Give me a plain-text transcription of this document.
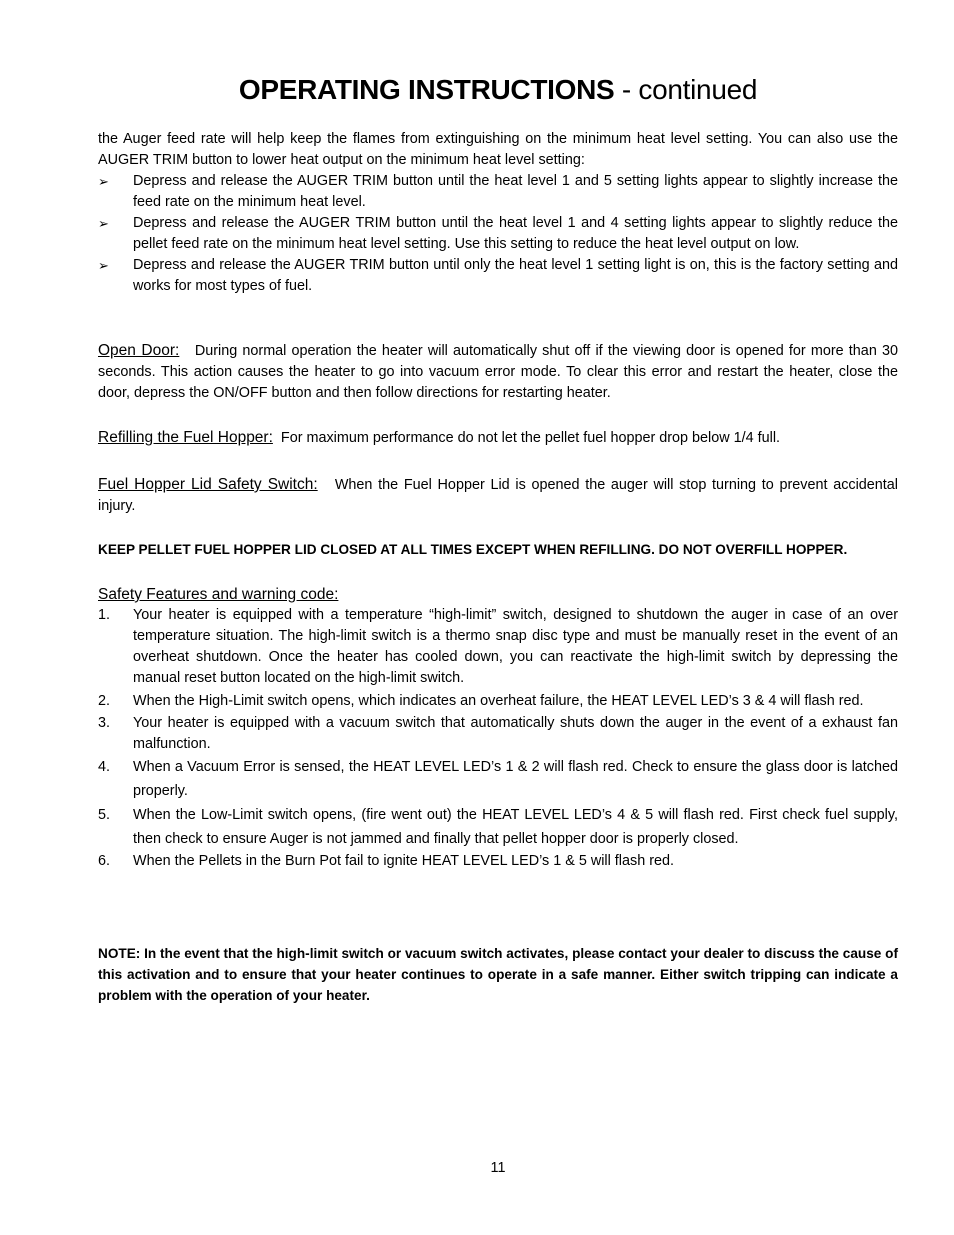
OPERATING INSTRUCTIONS - continued

the Auger feed rate will help keep the flames from extinguishing on the minimum heat level setting. You can also use the AUGER TRIM button to lower heat output on the minimum heat level setting:

➢ Depress and release the AUGER TRIM button until the heat level 1 and 5 setting lights appear to slightly increase the feed rate on the minimum heat level.
➢ Depress and release the AUGER TRIM button until the heat level 1 and 4 setting lights appear to slightly reduce the pellet feed rate on the minimum heat level setting. Use this setting to reduce the heat level output on low.
➢ Depress and release the AUGER TRIM button until only the heat level 1 setting light is on, this is the factory setting and works for most types of fuel.

Open Door: During normal operation the heater will automatically shut off if the viewing door is opened for more than 30 seconds. This action causes the heater to go into vacuum error mode. To clear this error and restart the heater, close the door, depress the ON/OFF button and then follow directions for restarting heater.

Refilling the Fuel Hopper: For maximum performance do not let the pellet fuel hopper drop below 1/4 full.

Fuel Hopper Lid Safety Switch: When the Fuel Hopper Lid is opened the auger will stop turning to prevent accidental injury.

KEEP PELLET FUEL HOPPER LID CLOSED AT ALL TIMES EXCEPT WHEN REFILLING. DO NOT OVERFILL HOPPER.

Safety Features and warning code:
1. Your heater is equipped with a temperature “high-limit” switch, designed to shutdown the auger in case of an over temperature situation. The high-limit switch is a thermo snap disc type and must be manually reset in the event of an overheat shutdown. Once the heater has cooled down, you can reactivate the high-limit switch by depressing the manual reset button located on the high-limit switch.
2. When the High-Limit switch opens, which indicates an overheat failure, the HEAT LEVEL LED’s 3 & 4 will flash red.
3. Your heater is equipped with a vacuum switch that automatically shuts down the auger in the event of a exhaust fan malfunction.
4. When a Vacuum Error is sensed, the HEAT LEVEL LED’s 1 & 2 will flash red. Check to ensure the glass door is latched properly.
5. When the Low-Limit switch opens, (fire went out) the HEAT LEVEL LED’s 4 & 5 will flash red. First check fuel supply, then check to ensure Auger is not jammed and finally that pellet hopper door is properly closed.
6. When the Pellets in the Burn Pot fail to ignite HEAT LEVEL LED’s 1 & 5 will flash red.

NOTE: In the event that the high-limit switch or vacuum switch activates, please contact your dealer to discuss the cause of this activation and to ensure that your heater continues to operate in a safe manner. Either switch tripping can indicate a problem with the operation of your heater.

11
